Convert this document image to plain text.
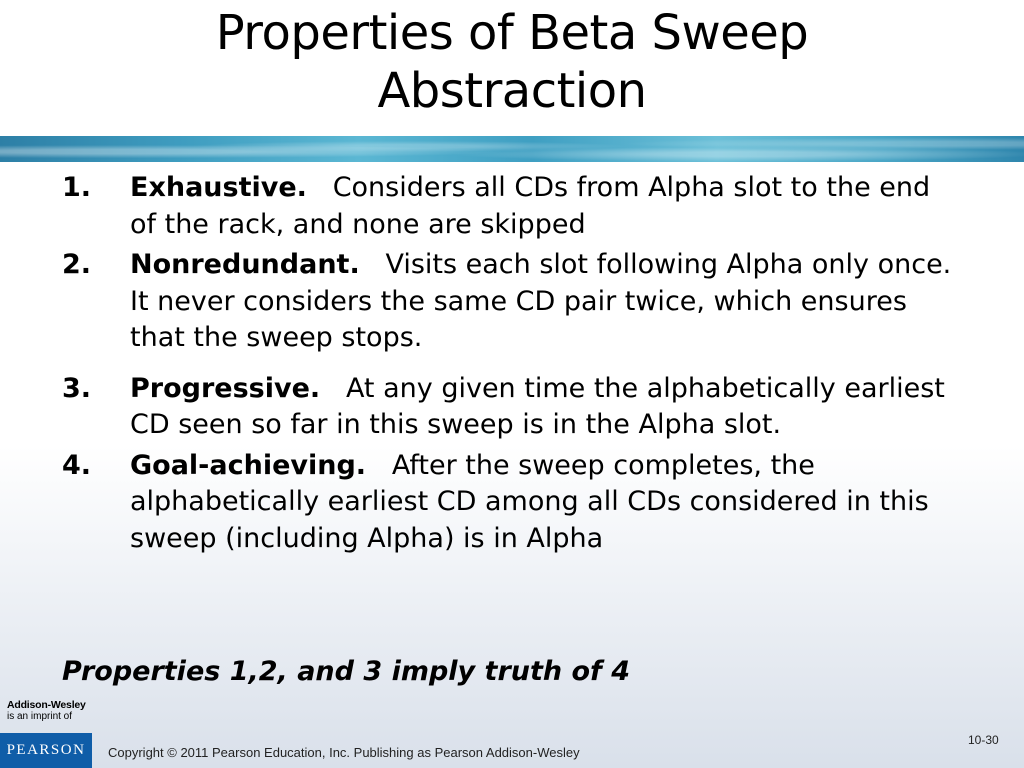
Properties of Beta Sweep
Abstraction
1. Exhaustive. Considers all CDs from Alpha slot to the end of the rack, and none are skipped
2. Nonredundant. Visits each slot following Alpha only once. It never considers the same CD pair twice, which ensures that the sweep stops.
3. Progressive. At any given time the alphabetically earliest CD seen so far in this sweep is in the Alpha slot.
4. Goal-achieving. After the sweep completes, the alphabetically earliest CD among all CDs considered in this sweep (including Alpha) is in Alpha

Properties 1,2, and 3 imply truth of 4

Addison-Wesley
is an imprint of
PEARSON Copyright © 2011 Pearson Education, Inc. Publishing as Pearson Addison-Wesley
10-30
